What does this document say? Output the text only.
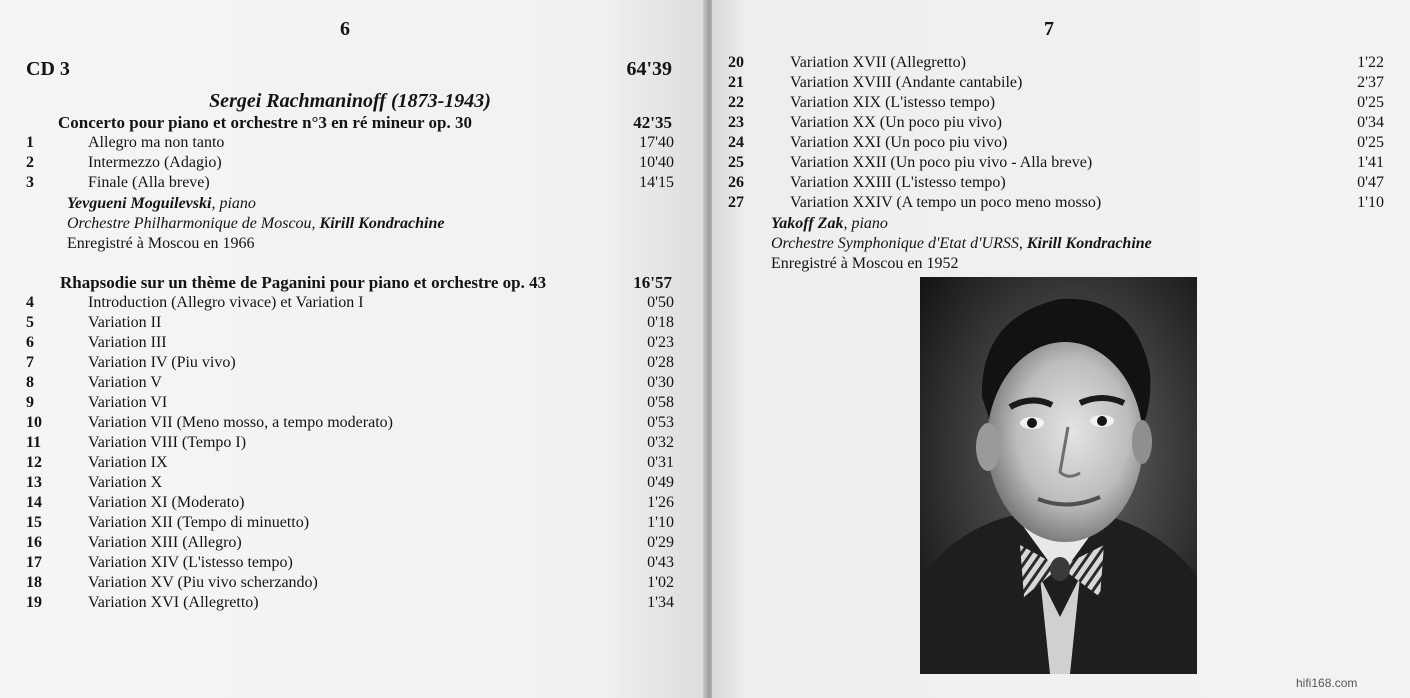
6
CD 3	64'39
Sergei Rachmaninoff (1873-1943)
Concerto pour piano et orchestre n°3 en ré mineur op. 30	42'35
1	Allegro ma non tanto	17'40
2	Intermezzo (Adagio)	10'40
3	Finale (Alla breve)	14'15
Yevgueni Moguilevski, piano
Orchestre Philharmonique de Moscou, Kirill Kondrachine
Enregistré à Moscou en 1966
Rhapsodie sur un thème de Paganini pour piano et orchestre op. 43	16'57
4	Introduction (Allegro vivace) et Variation I	0'50
5	Variation II	0'18
6	Variation III	0'23
7	Variation IV (Piu vivo)	0'28
8	Variation V	0'30
9	Variation VI	0'58
10	Variation VII (Meno mosso, a tempo moderato)	0'53
11	Variation VIII (Tempo I)	0'32
12	Variation IX	0'31
13	Variation X	0'49
14	Variation XI (Moderato)	1'26
15	Variation XII (Tempo di minuetto)	1'10
16	Variation XIII (Allegro)	0'29
17	Variation XIV (L'istesso tempo)	0'43
18	Variation XV (Piu vivo scherzando)	1'02
19	Variation XVI (Allegretto)	1'34
7
20	Variation XVII (Allegretto)	1'22
21	Variation XVIII (Andante cantabile)	2'37
22	Variation XIX (L'istesso tempo)	0'25
23	Variation XX (Un poco piu vivo)	0'34
24	Variation XXI (Un poco piu vivo)	0'25
25	Variation XXII (Un poco piu vivo - Alla breve)	1'41
26	Variation XXIII (L'istesso tempo)	0'47
27	Variation XXIV (A tempo un poco meno mosso)	1'10
Yakoff Zak, piano
Orchestre Symphonique d'Etat d'URSS, Kirill Kondrachine
Enregistré à Moscou en 1952
hifi168.com
